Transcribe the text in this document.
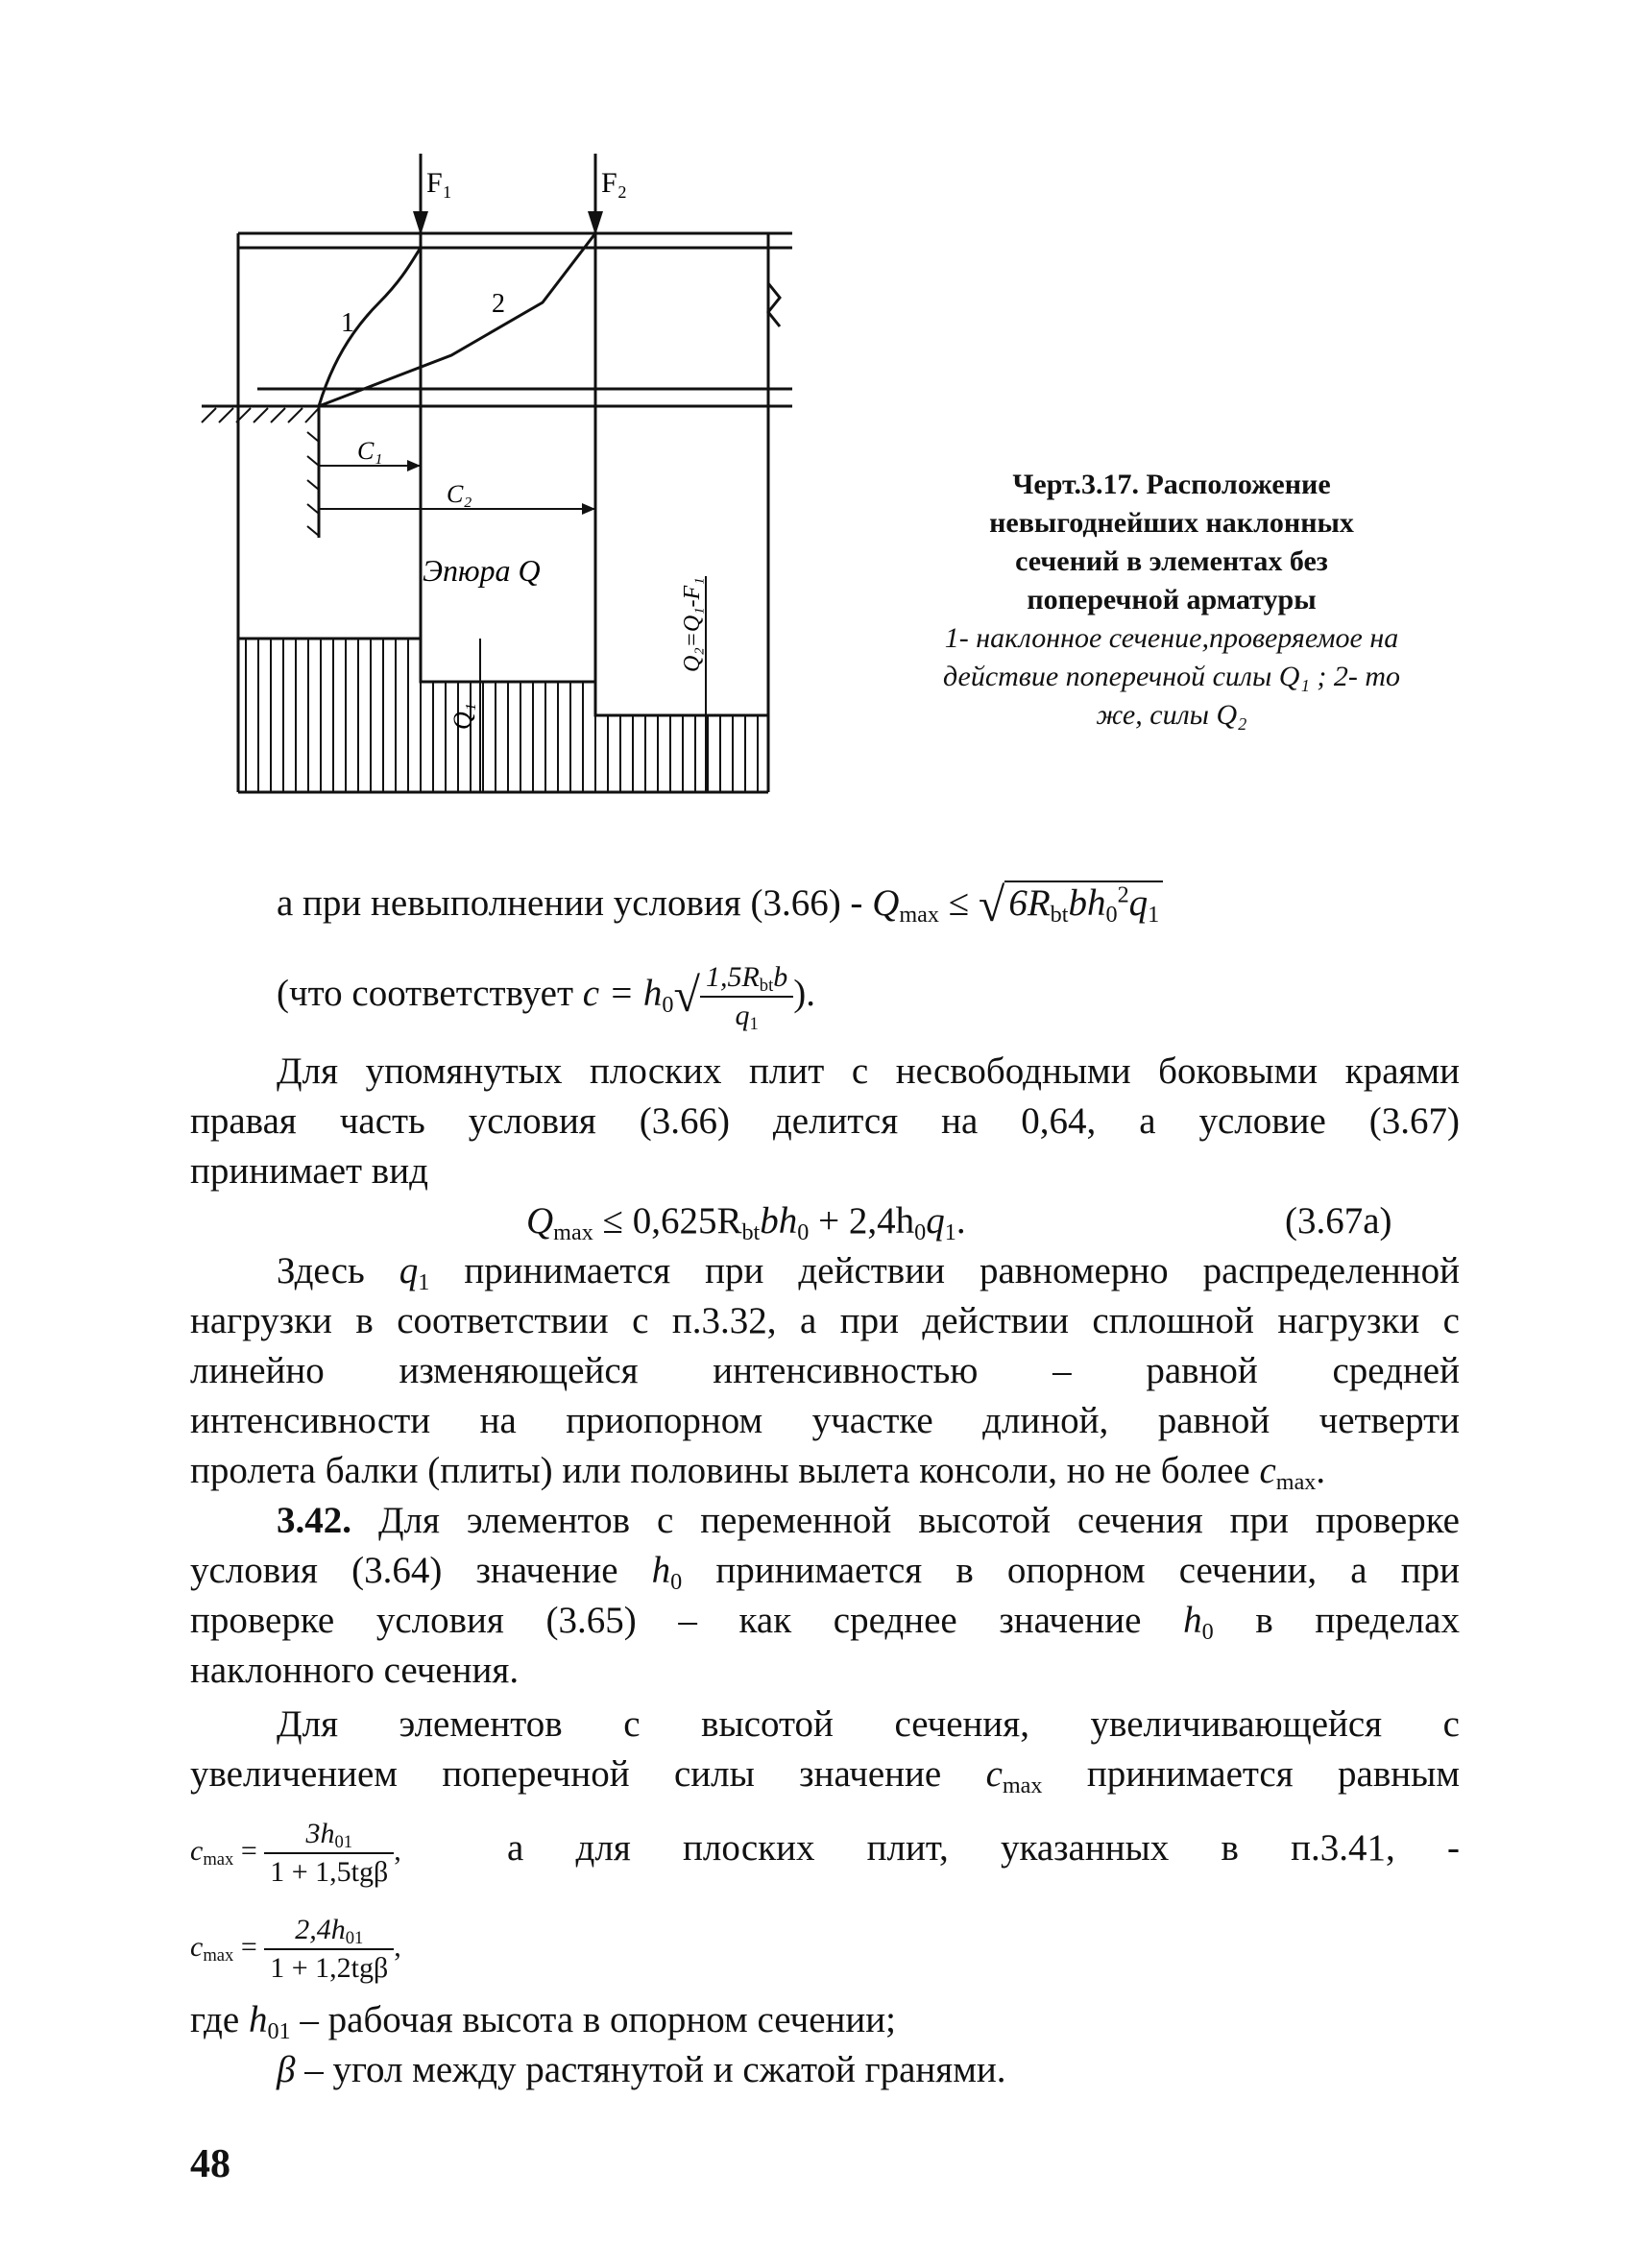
F₁	F₂
1
2
C₁
C₂
Эпюра Q
Q₁
Q₂=Q₁-F₁
Черт.3.17. Расположение
невыгоднейших наклонных
сечений в элементах без
поперечной арматуры
1- наклонное сечение,проверяемое на
действие поперечной силы Q₁ ; 2- то
же, силы Q₂
а при невыполнении условия $(3.66) - Q_{max}$ ≤ √ $6R_{bt}bh_0^2q_1$
(что соответствует $c = h_0√ \frac{1,5R_{bt}b}{q_1}$ ).
Для упомянутых плоских плит с несвободными боковыми краями
правая часть условия (3.66) делится на 0,64, а условие (3.67)
принимает вид
$Q_{max} \le 0,625R_{bt}bh_0 + 2,4h_0q_1$.	(3.67а)
Здесь $q_1$ принимается при действии равномерно распределенной
нагрузки в соответствии с п.3.32, а при действии сплошной нагрузки с
линейно изменяющейся интенсивностью – равной средней
интенсивности на приопорном участке длиной, равной четверти
пролета балки (плиты) или половины вылета консоли, но не более $c_{max}$.
3.42. Для элементов с переменной высотой сечения при проверке
условия (3.64) значение $h_0$ принимается в опорном сечении, а при
проверке условия (3.65) – как среднее значение $h_0$ в пределах
наклонного сечения.
Для элементов с высотой сечения, увеличивающейся с
увеличением поперечной силы значение $c_{max}$ принимается равным
$c_{max} = \frac{3h_{01}}{\text{1 + 1,5tgβ}}$ ,	а для плоских плит, указанных в п.3.41, -
$c_{max} = \frac{2,4h_{01}}{\text{1 + 1,2tgβ}}$ ,
где $h_{01}$ – рабочая высота в опорном сечении;
β – угол между растянутой и сжатой гранями.
48
